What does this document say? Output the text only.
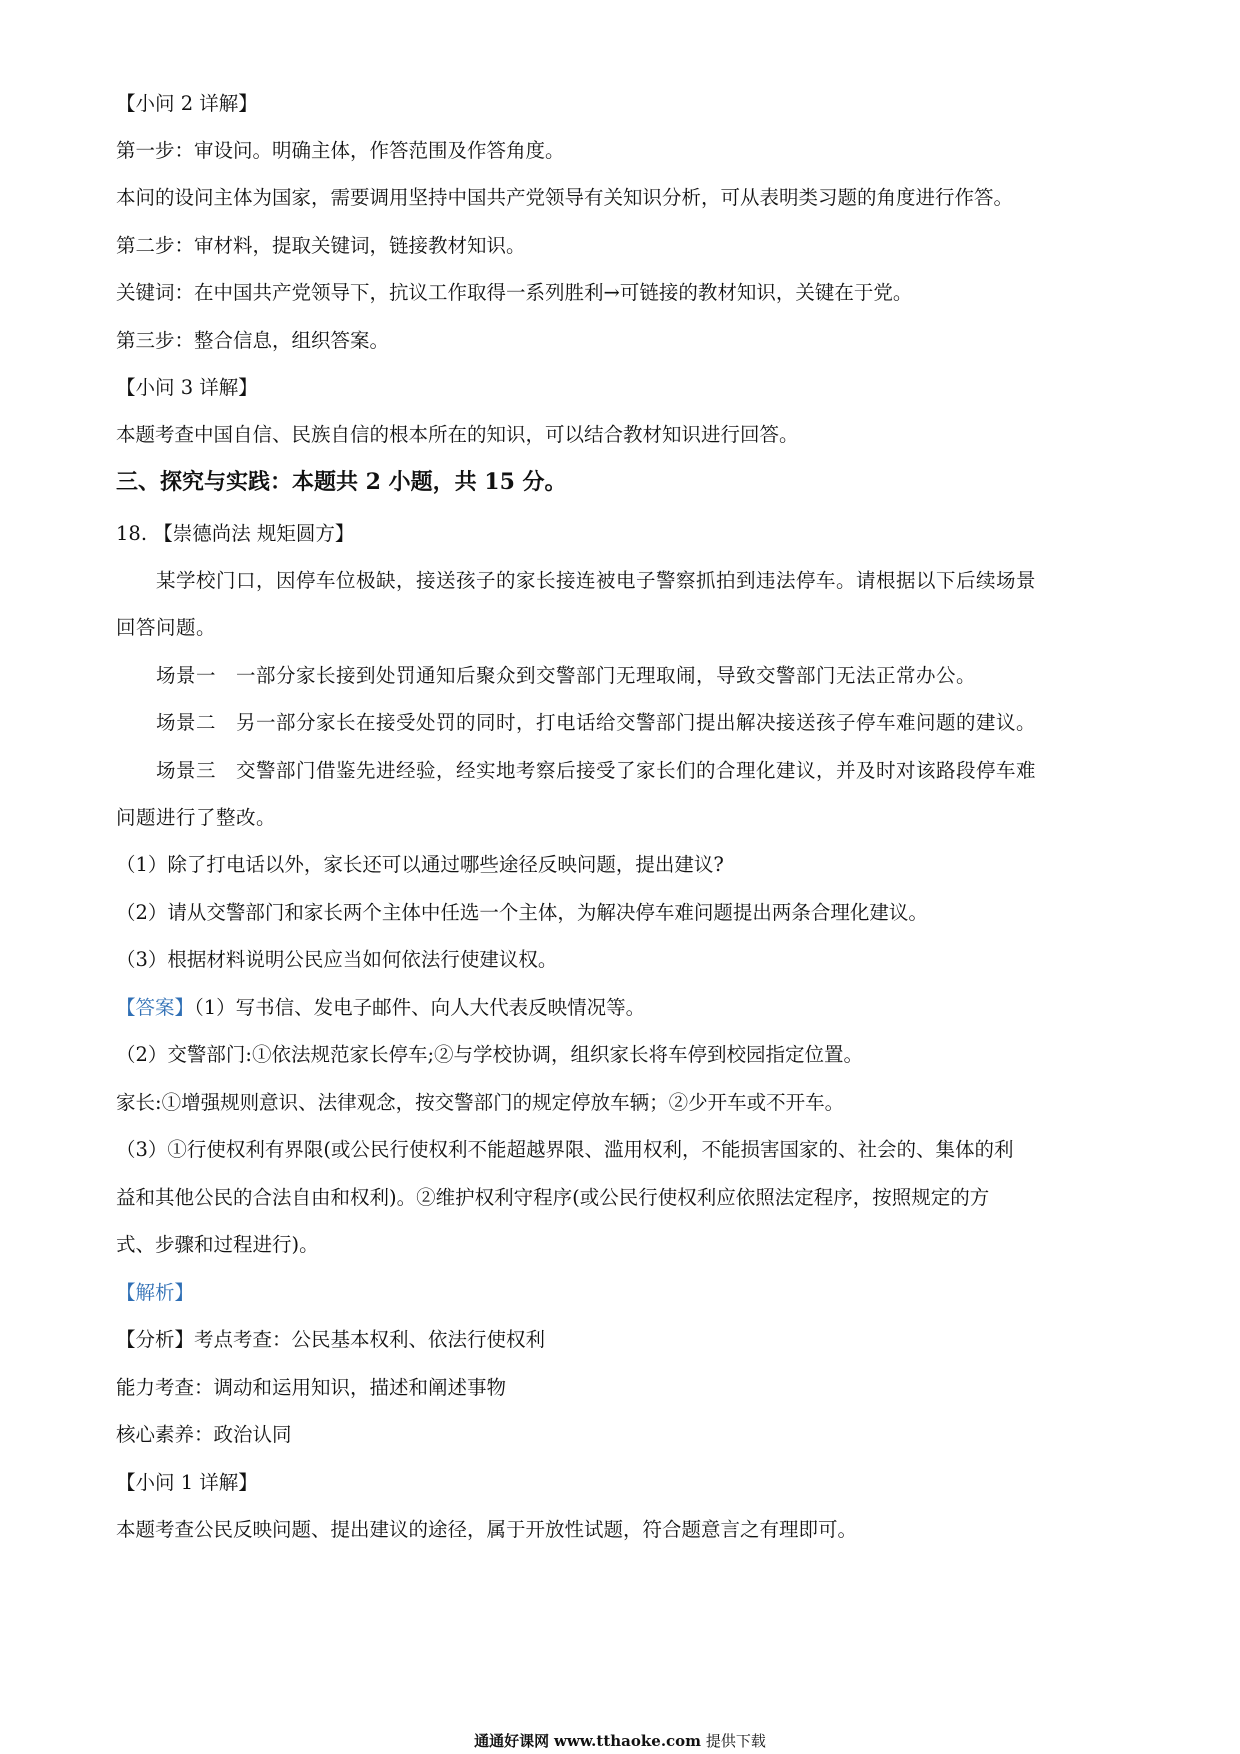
【小问 2 详解】
第一步：审设问。明确主体，作答范围及作答角度。
本问的设问主体为国家，需要调用坚持中国共产党领导有关知识分析，可从表明类习题的角度进行作答。
第二步：审材料，提取关键词，链接教材知识。
关键词：在中国共产党领导下，抗议工作取得一系列胜利→可链接的教材知识，关键在于党。
第三步：整合信息，组织答案。
【小问 3 详解】
本题考查中国自信、民族自信的根本所在的知识，可以结合教材知识进行回答。
三、探究与实践：本题共 2 小题，共 15 分。
18. 【崇德尚法 规矩圆方】
某学校门口，因停车位极缺，接送孩子的家长接连被电子警察抓拍到违法停车。请根据以下后续场景
回答问题。
场景一　一部分家长接到处罚通知后聚众到交警部门无理取闹，导致交警部门无法正常办公。
场景二　另一部分家长在接受处罚的同时，打电话给交警部门提出解决接送孩子停车难问题的建议。
场景三　交警部门借鉴先进经验，经实地考察后接受了家长们的合理化建议，并及时对该路段停车难
问题进行了整改。
（1）除了打电话以外，家长还可以通过哪些途径反映问题，提出建议?
（2）请从交警部门和家长两个主体中任选一个主体，为解决停车难问题提出两条合理化建议。
（3）根据材料说明公民应当如何依法行使建议权。
【答案】（1）写书信、发电子邮件、向人大代表反映情况等。
（2）交警部门:①依法规范家长停车;②与学校协调，组织家长将车停到校园指定位置。
家长:①增强规则意识、法律观念，按交警部门的规定停放车辆；②少开车或不开车。
（3）①行使权利有界限(或公民行使权利不能超越界限、滥用权利，不能损害国家的、社会的、集体的利
益和其他公民的合法自由和权利)。②维护权利守程序(或公民行使权利应依照法定程序，按照规定的方
式、步骤和过程进行)。
【解析】
【分析】考点考查：公民基本权利、依法行使权利
能力考查：调动和运用知识，描述和阐述事物
核心素养：政治认同
【小问 1 详解】
本题考查公民反映问题、提出建议的途径，属于开放性试题，符合题意言之有理即可。
通通好课网 www.tthaoke.com 提供下载
